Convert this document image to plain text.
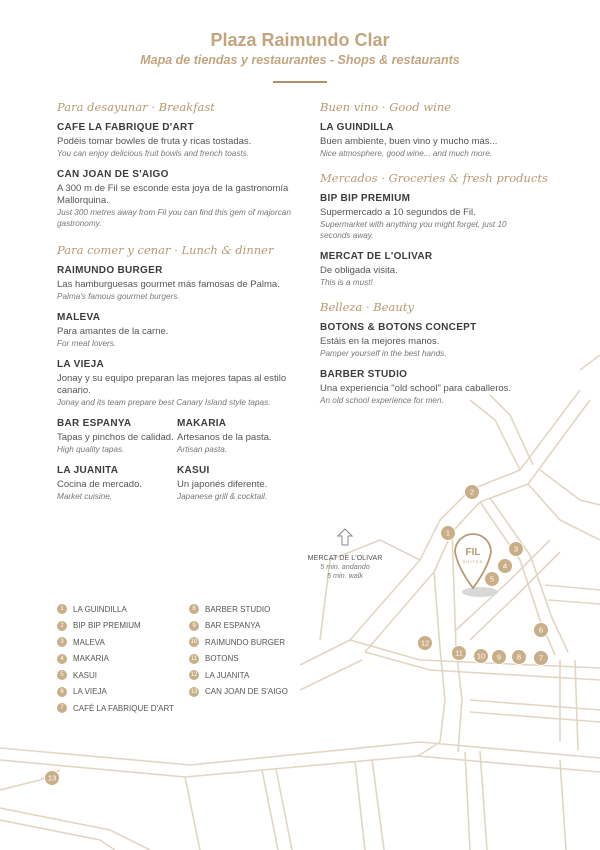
FIL
SUITES
1
2
3
4
5
6
7
8
9
10
11
12
13
Plaza Raimundo Clar
Mapa de tiendas y restaurantes - Shops & restaurants
Para desayunar · Breakfast
CAFE LA FABRIQUE D'ART
Podéis tomar bowles de fruta y ricas tostadas.
You can enjoy delicious fruit bowls and french toasts.
CAN JOAN DE S'AIGO
A 300 m de Fil se esconde esta joya de la gastronomía Mallorquina.
Just 300 metres away from Fil you can find this gem of majorcan gastronomy.
Para comer y cenar · Lunch & dinner
RAIMUNDO BURGER
Las hamburguesas gourmet más famosas de Palma.
Palma's famous gourmet burgers.
MALEVA
Para amantes de la carne.
For meat lovers.
LA VIEJA
Jonay y su equipo preparan las mejores tapas al estilo canario.
Jonay and its team prepare best Canary Island style tapas.
BAR ESPANYA
Tapas y pinchos de calidad.
High quality tapas.
MAKARIA
Artesanos de la pasta.
Artisan pasta.
LA JUANITA
Cocina de mercado.
Market cuisine.
KASUI
Un japonés diferente.
Japanese grill & cocktail.
Buen vino · Good wine
LA GUINDILLA
Buen ambiente, buen vino y mucho más...
Nice atmosphere, good wine... and much more.
Mercados · Groceries & fresh products
BIP BIP PREMIUM
Supermercado a 10 segundos de Fil.
Supermarket with anything you might forget, just 10 seconds away.
MERCAT DE L'OLIVAR
De obligada visita.
This is a must!
Belleza · Beauty
BOTONS & BOTONS CONCEPT
Estáis en la mejores manos.
Pamper yourself in the best hands.
BARBER STUDIO
Una experiencia "old school" para caballeros.
An old school experience for men.
MERCAT DE L'OLIVAR
5 min. andando
5 min. walk
1	LA GUINDILLA	8	BARBER STUDIO
2	BIP BIP PREMIUM	9	BAR ESPANYA
3	MALEVA	10 RAIMUNDO BURGER
4	MAKARIA	11 BOTONS
5	KASUI	12 LA JUANITA
6	LA VIEJA	13 CAN JOAN DE S'AIGO
7	CAFÉ LA FABRIQUE D'ART
